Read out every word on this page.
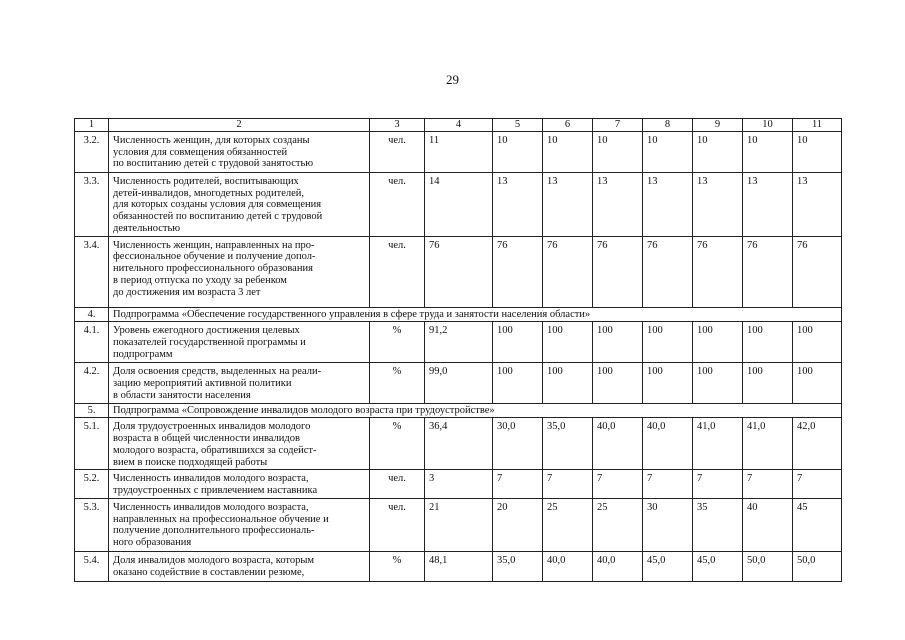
29
1	2	3	4	5	6	7	8	9	10	11
3.2.	Численность женщин, для которых созданы
условия для совмещения обязанностей
по воспитанию детей с трудовой занятостью	чел.	11	10	10	10	10	10	10	10
3.3.	Численность родителей, воспитывающих
детей-инвалидов, многодетных родителей,
для которых созданы условия для совмещения
обязанностей по воспитанию детей с трудовой
деятельностью	чел.	14	13	13	13	13	13	13	13
3.4.	Численность женщин, направленных на про-
фессиональное обучение и получение допол-
нительного профессионального образования
в период отпуска по уходу за ребенком
до достижения им возраста 3 лет	чел.	76	76	76	76	76	76	76	76
4.	Подпрограмма «Обеспечение государственного управления в сфере труда и занятости населения области»									
4.1.	Уровень ежегодного достижения целевых
показателей государственной программы и
подпрограмм	%	91,2	100	100	100	100	100	100	100
4.2.	Доля освоения средств, выделенных на реали-
зацию мероприятий активной политики
в области занятости населения	%	99,0	100	100	100	100	100	100	100
5.	Подпрограмма «Сопровождение инвалидов молодого возраста при трудоустройстве»									
5.1.	Доля трудоустроенных инвалидов молодого
возраста в общей численности инвалидов
молодого возраста, обратившихся за содейст-
вием в поиске подходящей работы	%	36,4	30,0	35,0	40,0	40,0	41,0	41,0	42,0
5.2.	Численность инвалидов молодого возраста,
трудоустроенных с привлечением наставника	чел.	3	7	7	7	7	7	7	7
5.3.	Численность инвалидов молодого возраста,
направленных на профессиональное обучение и
получение дополнительного профессиональ-
ного образования	чел.	21	20	25	25	30	35	40	45
5.4.	Доля инвалидов молодого возраста, которым
оказано содействие в составлении резюме,	%	48,1	35,0	40,0	40,0	45,0	45,0	50,0	50,0
